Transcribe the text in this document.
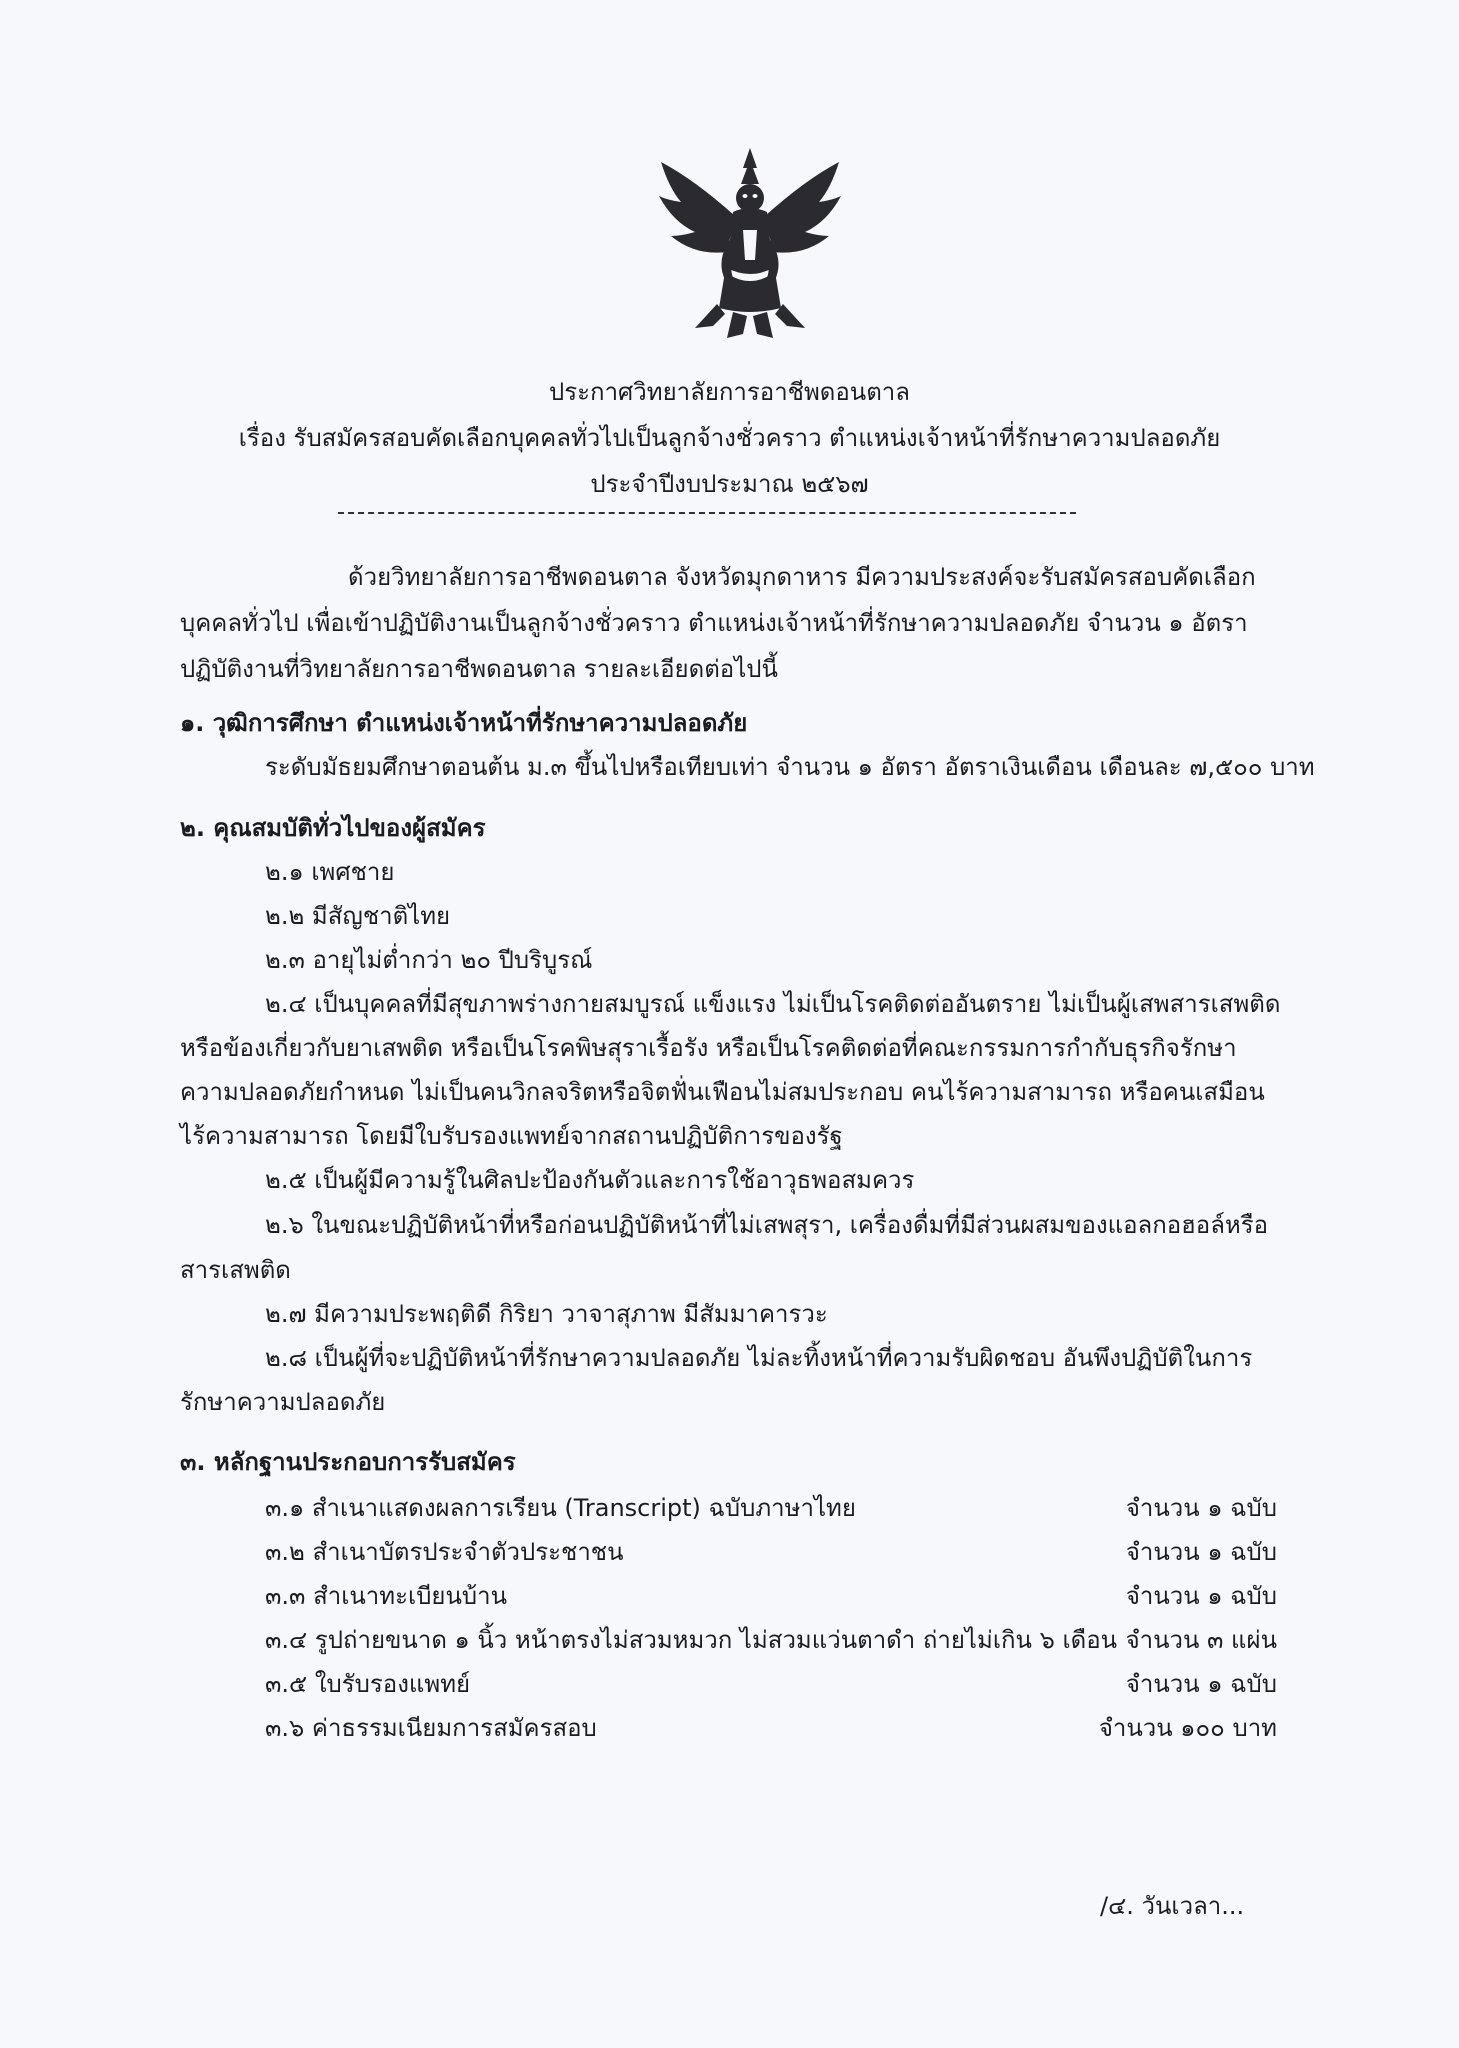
ประกาศวิทยาลัยการอาชีพดอนตาล
เรื่อง รับสมัครสอบคัดเลือกบุคคลทั่วไปเป็นลูกจ้างชั่วคราว ตำแหน่งเจ้าหน้าที่รักษาความปลอดภัย
ประจำปีงบประมาณ ๒๕๖๗
ด้วยวิทยาลัยการอาชีพดอนตาล จังหวัดมุกดาหาร มีความประสงค์จะรับสมัครสอบคัดเลือก
บุคคลทั่วไป เพื่อเข้าปฏิบัติงานเป็นลูกจ้างชั่วคราว ตำแหน่งเจ้าหน้าที่รักษาความปลอดภัย จำนวน ๑ อัตรา
ปฏิบัติงานที่วิทยาลัยการอาชีพดอนตาล รายละเอียดต่อไปนี้
๑. วุฒิการศึกษา ตำแหน่งเจ้าหน้าที่รักษาความปลอดภัย
ระดับมัธยมศึกษาตอนต้น ม.๓ ขึ้นไปหรือเทียบเท่า จำนวน ๑ อัตรา อัตราเงินเดือน เดือนละ ๗,๕๐๐ บาท
๒. คุณสมบัติทั่วไปของผู้สมัคร
๒.๑ เพศชาย
๒.๒ มีสัญชาติไทย
๒.๓ อายุไม่ต่ำกว่า ๒๐ ปีบริบูรณ์
๒.๔ เป็นบุคคลที่มีสุขภาพร่างกายสมบูรณ์ แข็งแรง ไม่เป็นโรคติดต่ออันตราย ไม่เป็นผู้เสพสารเสพติด
หรือข้องเกี่ยวกับยาเสพติด หรือเป็นโรคพิษสุราเรื้อรัง หรือเป็นโรคติดต่อที่คณะกรรมการกำกับธุรกิจรักษา
ความปลอดภัยกำหนด ไม่เป็นคนวิกลจริตหรือจิตฟั่นเฟือนไม่สมประกอบ คนไร้ความสามารถ หรือคนเสมือน
ไร้ความสามารถ โดยมีใบรับรองแพทย์จากสถานปฏิบัติการของรัฐ
๒.๕ เป็นผู้มีความรู้ในศิลปะป้องกันตัวและการใช้อาวุธพอสมควร
๒.๖ ในขณะปฏิบัติหน้าที่หรือก่อนปฏิบัติหน้าที่ไม่เสพสุรา, เครื่องดื่มที่มีส่วนผสมของแอลกอฮอล์หรือ
สารเสพติด
๒.๗ มีความประพฤติดี กิริยา วาจาสุภาพ มีสัมมาคารวะ
๒.๘ เป็นผู้ที่จะปฏิบัติหน้าที่รักษาความปลอดภัย ไม่ละทิ้งหน้าที่ความรับผิดชอบ อันพึงปฏิบัติในการ
รักษาความปลอดภัย
๓. หลักฐานประกอบการรับสมัคร
๓.๑ สำเนาแสดงผลการเรียน (Transcript) ฉบับภาษาไทย	จำนวน ๑ ฉบับ
๓.๒ สำเนาบัตรประจำตัวประชาชน	จำนวน ๑ ฉบับ
๓.๓ สำเนาทะเบียนบ้าน	จำนวน ๑ ฉบับ
๓.๔ รูปถ่ายขนาด ๑ นิ้ว หน้าตรงไม่สวมหมวก ไม่สวมแว่นตาดำ ถ่ายไม่เกิน ๖ เดือน จำนวน ๓ แผ่น
๓.๕ ใบรับรองแพทย์	จำนวน ๑ ฉบับ
๓.๖ ค่าธรรมเนียมการสมัครสอบ	จำนวน ๑๐๐ บาท
/๔. วันเวลา...
